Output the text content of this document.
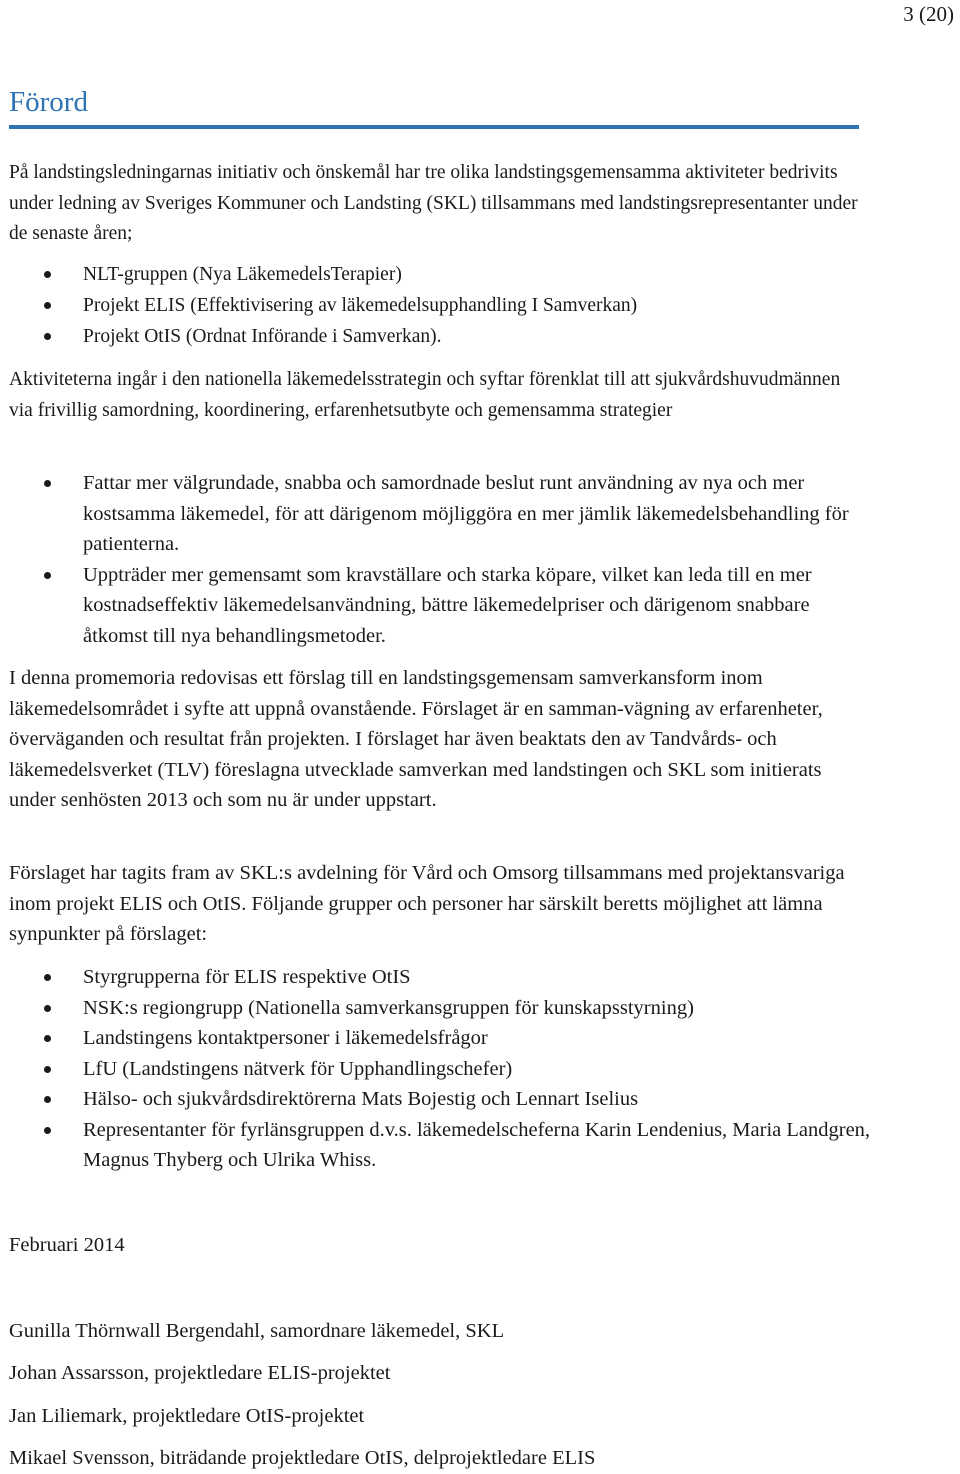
3 (20)
Förord

På landstingsledningarnas initiativ och önskemål har tre olika landstingsgemensamma aktiviteter bedrivits under ledning av Sveriges Kommuner och Landsting (SKL) tillsammans med landstingsrepresentanter under de senaste åren;

NLT-gruppen (Nya LäkemedelsTerapier)
Projekt ELIS (Effektivisering av läkemedelsupphandling I Samverkan)
Projekt OtIS (Ordnat Införande i Samverkan).

Aktiviteterna ingår i den nationella läkemedelsstrategin och syftar förenklat till att sjukvårdshuvudmännen via frivillig samordning, koordinering, erfarenhetsutbyte och gemensamma strategier

Fattar mer välgrundade, snabba och samordnade beslut runt användning av nya och mer kostsamma läkemedel, för att därigenom möjliggöra en mer jämlik läkemedelsbehandling för patienterna.
Uppträder mer gemensamt som kravställare och starka köpare, vilket kan leda till en mer kostnadseffektiv läkemedelsanvändning, bättre läkemedelpriser och därigenom snabbare åtkomst till nya behandlingsmetoder.

I denna promemoria redovisas ett förslag till en landstingsgemensam samverkansform inom läkemedelsområdet i syfte att uppnå ovanstående. Förslaget är en samman-vägning av erfarenheter, överväganden och resultat från projekten. I förslaget har även beaktats den av Tandvårds- och läkemedelsverket (TLV) föreslagna utvecklade samverkan med landstingen och SKL som initierats under senhösten 2013 och som nu är under uppstart.

Förslaget har tagits fram av SKL:s avdelning för Vård och Omsorg tillsammans med projektansvariga inom projekt ELIS och OtIS. Följande grupper och personer har särskilt beretts möjlighet att lämna synpunkter på förslaget:

Styrgrupperna för ELIS respektive OtIS
NSK:s regiongrupp (Nationella samverkansgruppen för kunskapsstyrning)
Landstingens kontaktpersoner i läkemedelsfrågor
LfU (Landstingens nätverk för Upphandlingschefer)
Hälso- och sjukvårdsdirektörerna Mats Bojestig och Lennart Iselius
Representanter för fyrlänsgruppen d.v.s. läkemedelscheferna Karin Lendenius, Maria Landgren, Magnus Thyberg och Ulrika Whiss.

Februari 2014

Gunilla Thörnwall Bergendahl, samordnare läkemedel, SKL

Johan Assarsson, projektledare ELIS-projektet

Jan Liliemark, projektledare OtIS-projektet

Mikael Svensson, biträdande projektledare OtIS, delprojektledare ELIS
